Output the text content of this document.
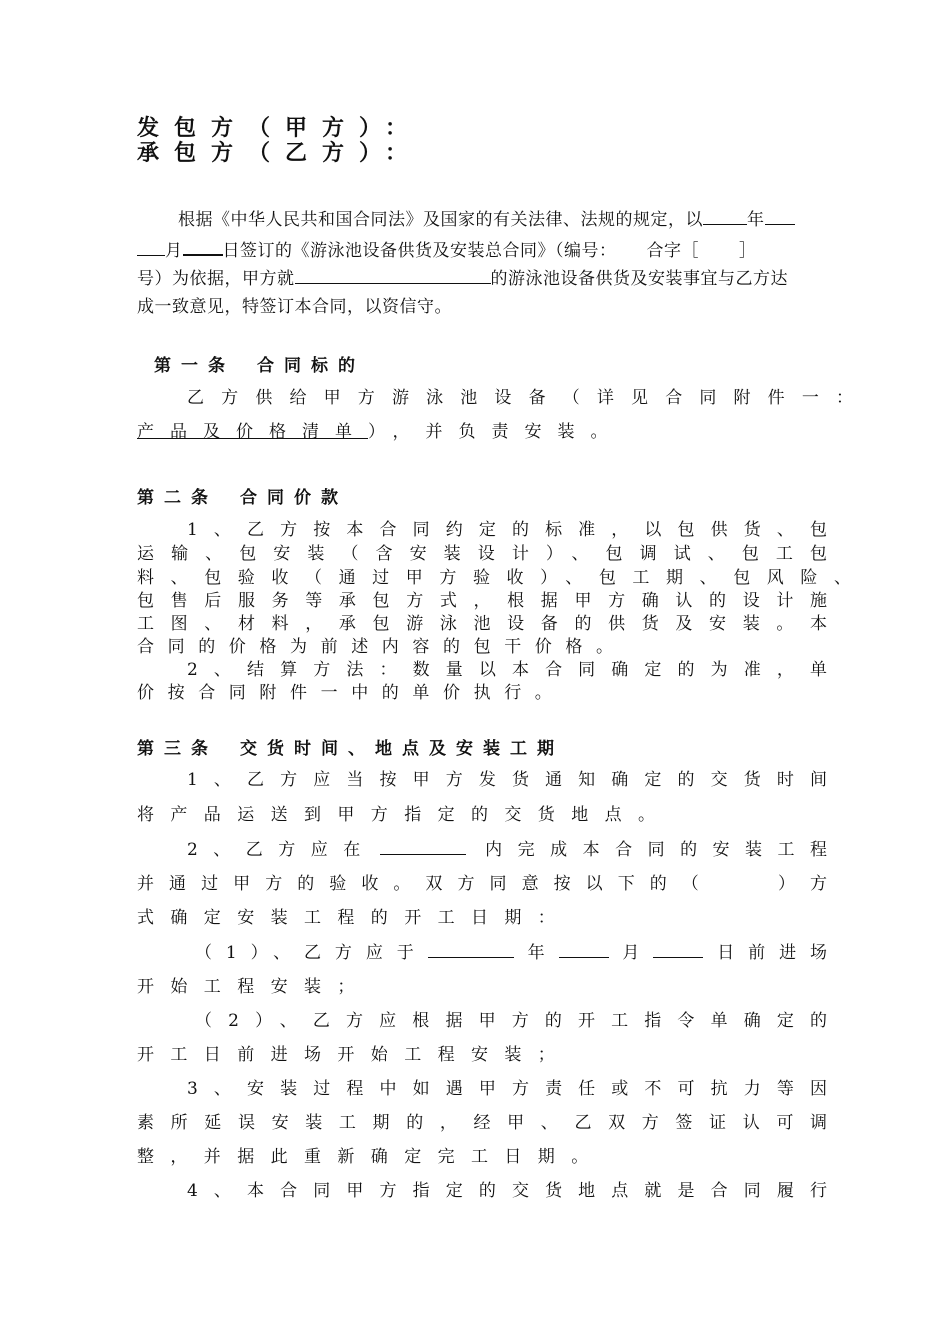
发包方（甲方）：
承包方（乙方）：
根据《中华人民共和国合同法》及国家的有关法律、法规的规定，以	年
月 日签订的《游泳池设备供货及安装总合同》（编号： 合字［ ］
号）为依据，甲方就	的游泳池设备供货及安装事宜与乙方达
成一致意见，特签订本合同，以资信守。
第一条 合同标的
乙方供给甲方游泳池设备（详见合同附件一：
产品及价格清单），并负责安装。
第二条 合同价款
1、乙方按本合同约定的标准，以包供货、包
运输、包安装（含安装设计）、包调试、包工包
料、包验收（通过甲方验收）、包工期、包风险、
包售后服务等承包方式，根据甲方确认的设计施
工图、材料，承包游泳池设备的供货及安装。本
合同的价格为前述内容的包干价格。
2、结算方法：数量以本合同确定的为准，单
价按合同附件一中的单价执行。
第三条 交货时间、地点及安装工期
1、乙方应当按甲方发货通知确定的交货时间
将产品运送到甲方指定的交货地点。
2、乙方应在	内完成本合同的安装工程
并通过甲方的验收。双方同意按以下的（　　）方
式确定安装工程的开工日期：
（1）、乙方应于	年	月	日前进场
开始工程安装；
（2）、乙方应根据甲方的开工指令单确定的
开工日前进场开始工程安装；
3、安装过程中如遇甲方责任或不可抗力等因
素所延误安装工期的，经甲、乙双方签证认可调
整，并据此重新确定完工日期。
4、本合同甲方指定的交货地点就是合同履行
